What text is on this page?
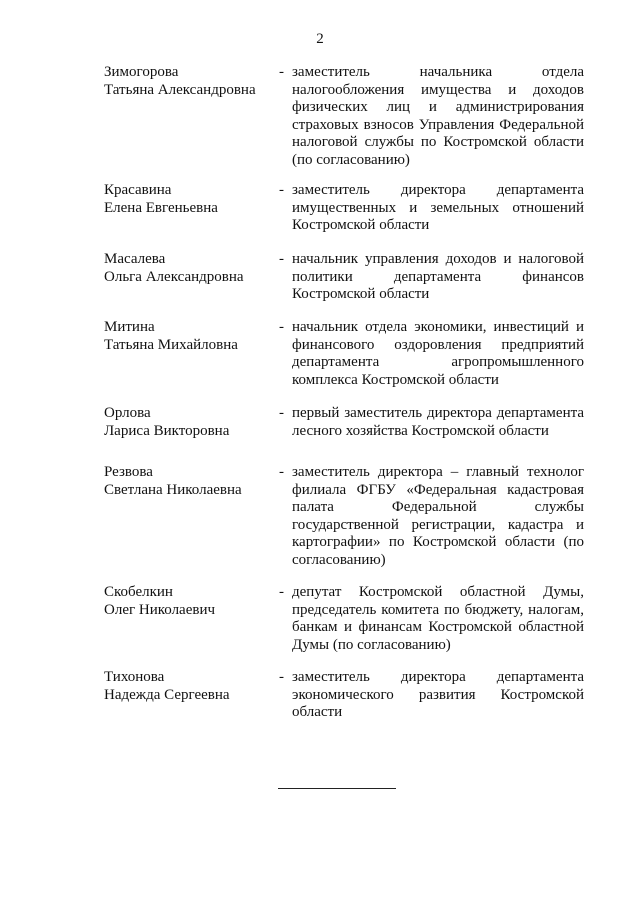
2
Зимогорова
Татьяна Александровна
- заместитель начальника отдела налогообложения имущества и доходов физических лиц и администрирования страховых взносов Управления Федеральной налоговой службы по Костромской области (по согласованию)
Красавина
Елена Евгеньевна
- заместитель директора департамента имущественных и земельных отношений Костромской области
Масалева
Ольга Александровна
- начальник управления доходов и налоговой политики департамента финансов Костромской области
Митина
Татьяна Михайловна
- начальник отдела экономики, инвестиций и финансового оздоровления предприятий департамента агропромышленного комплекса Костромской области
Орлова
Лариса Викторовна
- первый заместитель директора департамента лесного хозяйства Костромской области
Резвова
Светлана Николаевна
- заместитель директора – главный технолог филиала ФГБУ «Федеральная кадастровая палата Федеральной службы государственной регистрации, кадастра и картографии» по Костромской области (по согласованию)
Скобелкин
Олег Николаевич
- депутат Костромской областной Думы, председатель комитета по бюджету, налогам, банкам и финансам Костромской областной Думы (по согласованию)
Тихонова
Надежда Сергеевна
- заместитель директора департамента экономического развития Костромской области
